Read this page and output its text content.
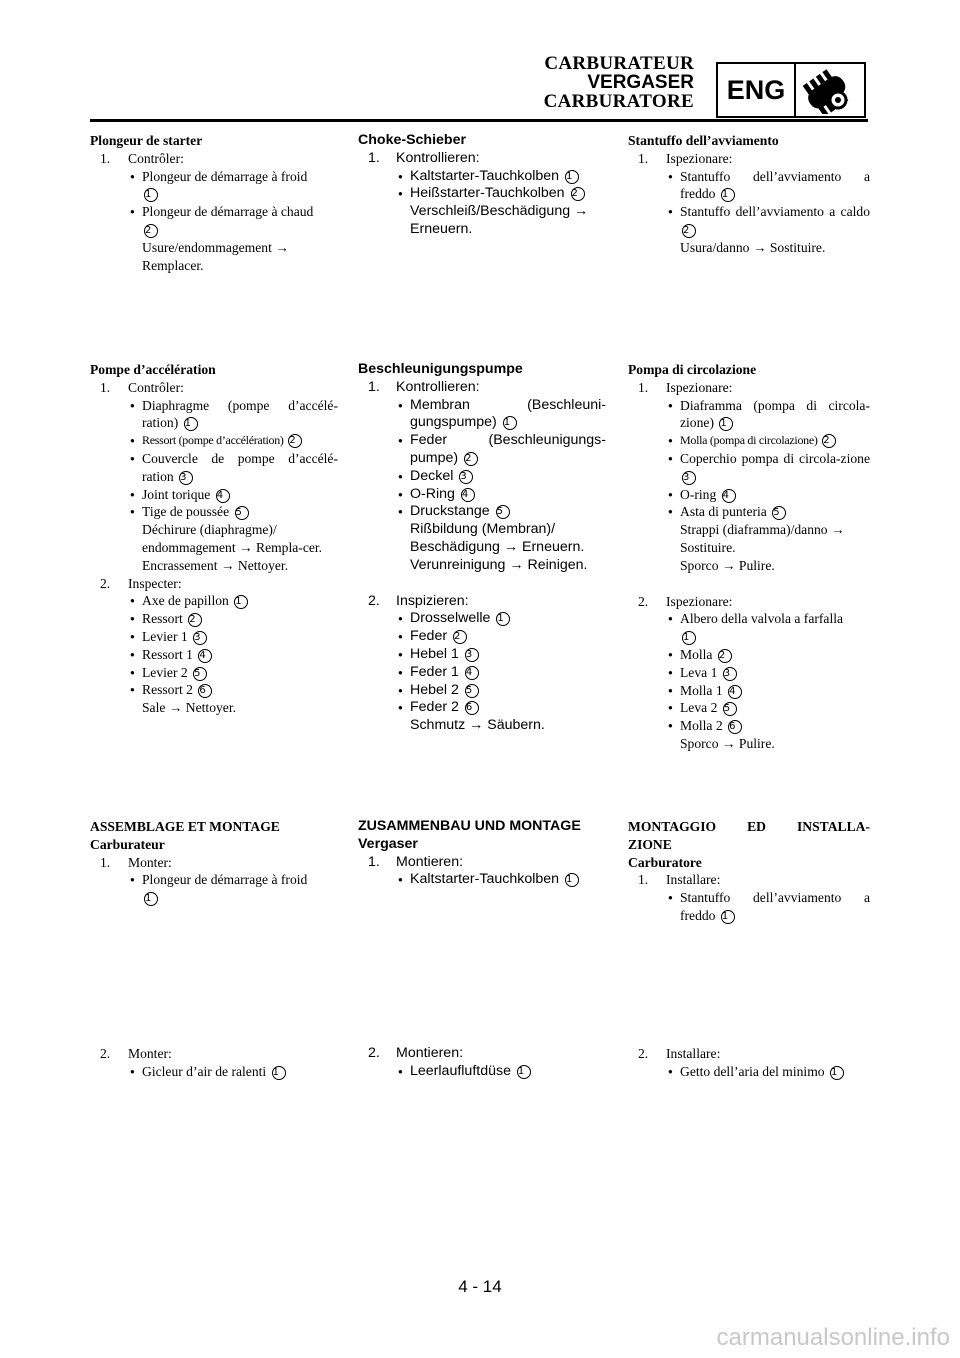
CARBURATEUR
VERGASER
CARBURATORE	ENG
Plongeur de starter
1.	Contrôler:
● Plongeur de démarrage à froid
1
● Plongeur de démarrage à chaud
2
Usure/endommagement → Remplacer.
Pompe d’accélération
1.	Contrôler:
● Diaphragme (pompe d’accélé-ration) 1
● Ressort (pompe d’accélération) 2
● Couvercle de pompe d’accélé-ration 3
● Joint torique 4
● Tige de poussée 5
Déchirure (diaphragme)/ endommagement → Rempla-cer.
Encrassement → Nettoyer.
2.	Inspecter:
● Axe de papillon 1
● Ressort 2
● Levier 1 3
● Ressort 1 4
● Levier 2 5
● Ressort 2 6
Sale → Nettoyer.
ASSEMBLAGE ET MONTAGE
Carburateur
1.	Monter:
● Plongeur de démarrage à froid
1
2.	Monter:
● Gicleur d’air de ralenti 1
Choke-Schieber
1.	Kontrollieren:
● Kaltstarter-Tauchkolben 1
● Heißstarter-Tauchkolben 2
Verschleiß/Beschädigung → Erneuern.
Beschleunigungspumpe
1.	Kontrollieren:
● Membran (Beschleuni-gungspumpe) 1
● Feder (Beschleunigungs-pumpe) 2
● Deckel 3
● O-Ring 4
● Druckstange 5
Rißbildung (Membran)/ Beschädigung → Erneuern.
Verunreinigung → Reinigen.
2.	Inspizieren:
● Drosselwelle 1
● Feder 2
● Hebel 1 3
● Feder 1 4
● Hebel 2 5
● Feder 2 6
Schmutz → Säubern.
ZUSAMMENBAU UND MONTAGE
Vergaser
1.	Montieren:
● Kaltstarter-Tauchkolben 1
2.	Montieren:
● Leerlaufluftdüse 1
Stantuffo dell’avviamento
1.	Ispezionare:
● Stantuffo dell’avviamento a freddo 1
● Stantuffo dell’avviamento a caldo 2
Usura/danno → Sostituire.
Pompa di circolazione
1.	Ispezionare:
● Diaframma (pompa di circola-zione) 1
● Molla (pompa di circolazione) 2
● Coperchio pompa di circola-zione 3
● O-ring 4
● Asta di punteria 5
Strappi (diaframma)/danno → Sostituire.
Sporco → Pulire.
2.	Ispezionare:
● Albero della valvola a farfalla
1
● Molla 2
● Leva 1 3
● Molla 1 4
● Leva 2 5
● Molla 2 6
Sporco → Pulire.
MONTAGGIO ED INSTALLA-
ZIONE
Carburatore
1.	Installare:
● Stantuffo dell’avviamento a freddo 1
2.	Installare:
● Getto dell’aria del minimo 1
4 - 14
carmanualsonline.info
